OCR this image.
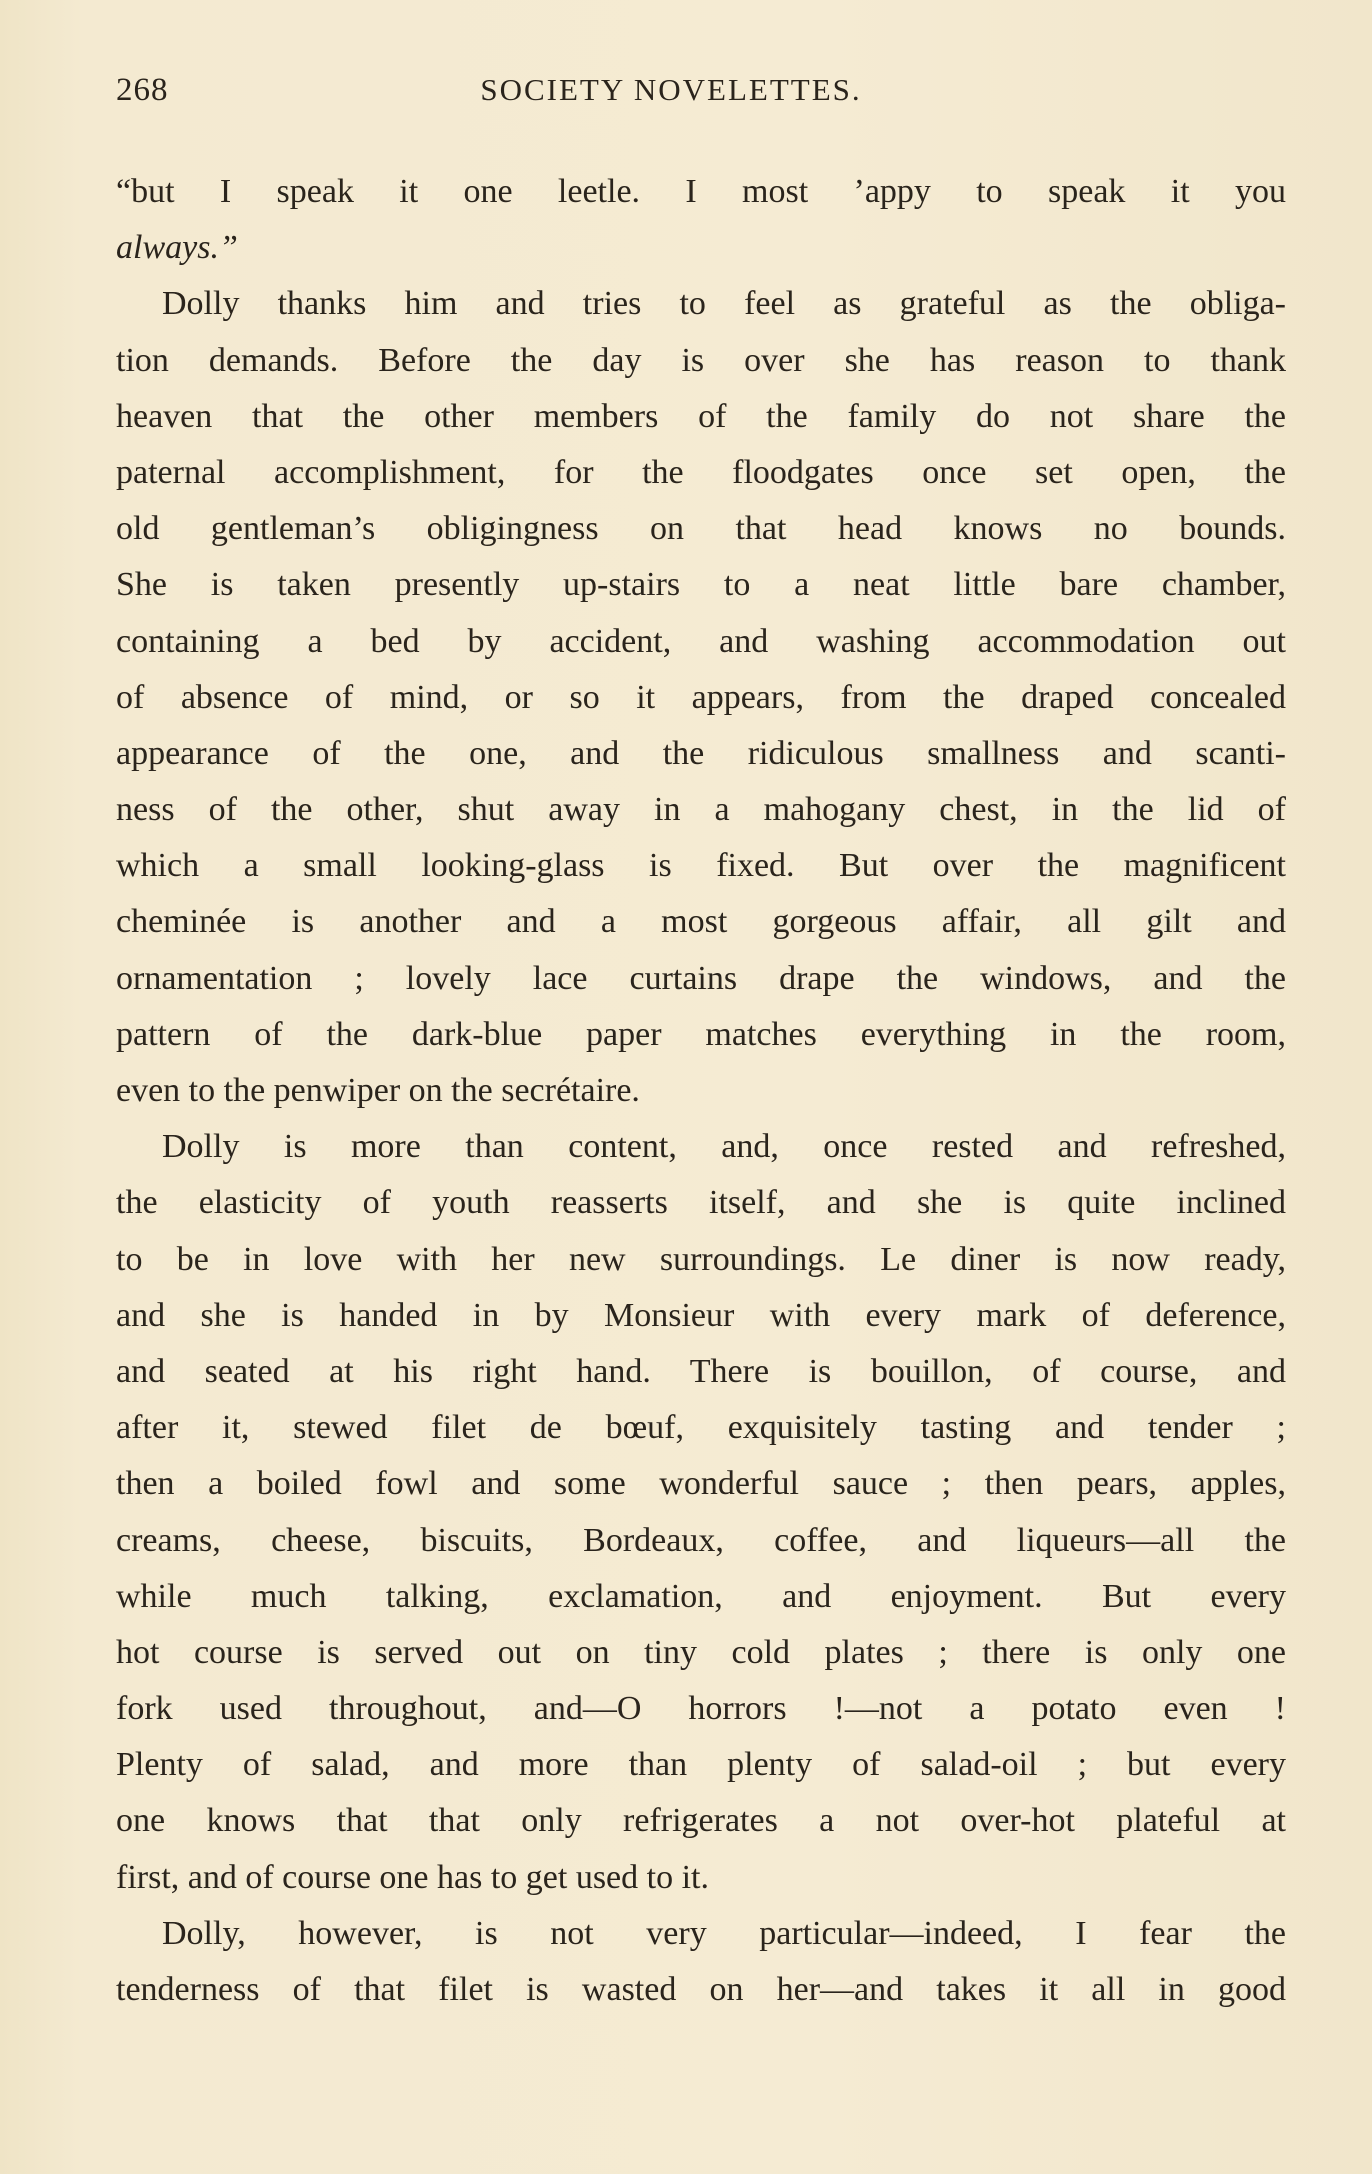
268	SOCIETY NOVELETTES.
“but I speak it one leetle. I most ’appy to speak it you
always.”
Dolly thanks him and tries to feel as grateful as the obliga-
tion demands. Before the day is over she has reason to thank
heaven that the other members of the family do not share the
paternal accomplishment, for the floodgates once set open, the
old gentleman’s obligingness on that head knows no bounds.
She is taken presently up-stairs to a neat little bare chamber,
containing a bed by accident, and washing accommodation out
of absence of mind, or so it appears, from the draped concealed
appearance of the one, and the ridiculous smallness and scanti-
ness of the other, shut away in a mahogany chest, in the lid of
which a small looking-glass is fixed. But over the magnificent
cheminée is another and a most gorgeous affair, all gilt and
ornamentation ; lovely lace curtains drape the windows, and the
pattern of the dark-blue paper matches everything in the room,
even to the penwiper on the secrétaire.
Dolly is more than content, and, once rested and refreshed,
the elasticity of youth reasserts itself, and she is quite inclined
to be in love with her new surroundings. Le diner is now ready,
and she is handed in by Monsieur with every mark of deference,
and seated at his right hand. There is bouillon, of course, and
after it, stewed filet de bœuf, exquisitely tasting and tender ;
then a boiled fowl and some wonderful sauce ; then pears, apples,
creams, cheese, biscuits, Bordeaux, coffee, and liqueurs—all the
while much talking, exclamation, and enjoyment. But every
hot course is served out on tiny cold plates ; there is only one
fork used throughout, and—O horrors !—not a potato even !
Plenty of salad, and more than plenty of salad-oil ; but every
one knows that that only refrigerates a not over-hot plateful at
first, and of course one has to get used to it.
Dolly, however, is not very particular—indeed, I fear the
tenderness of that filet is wasted on her—and takes it all in good
